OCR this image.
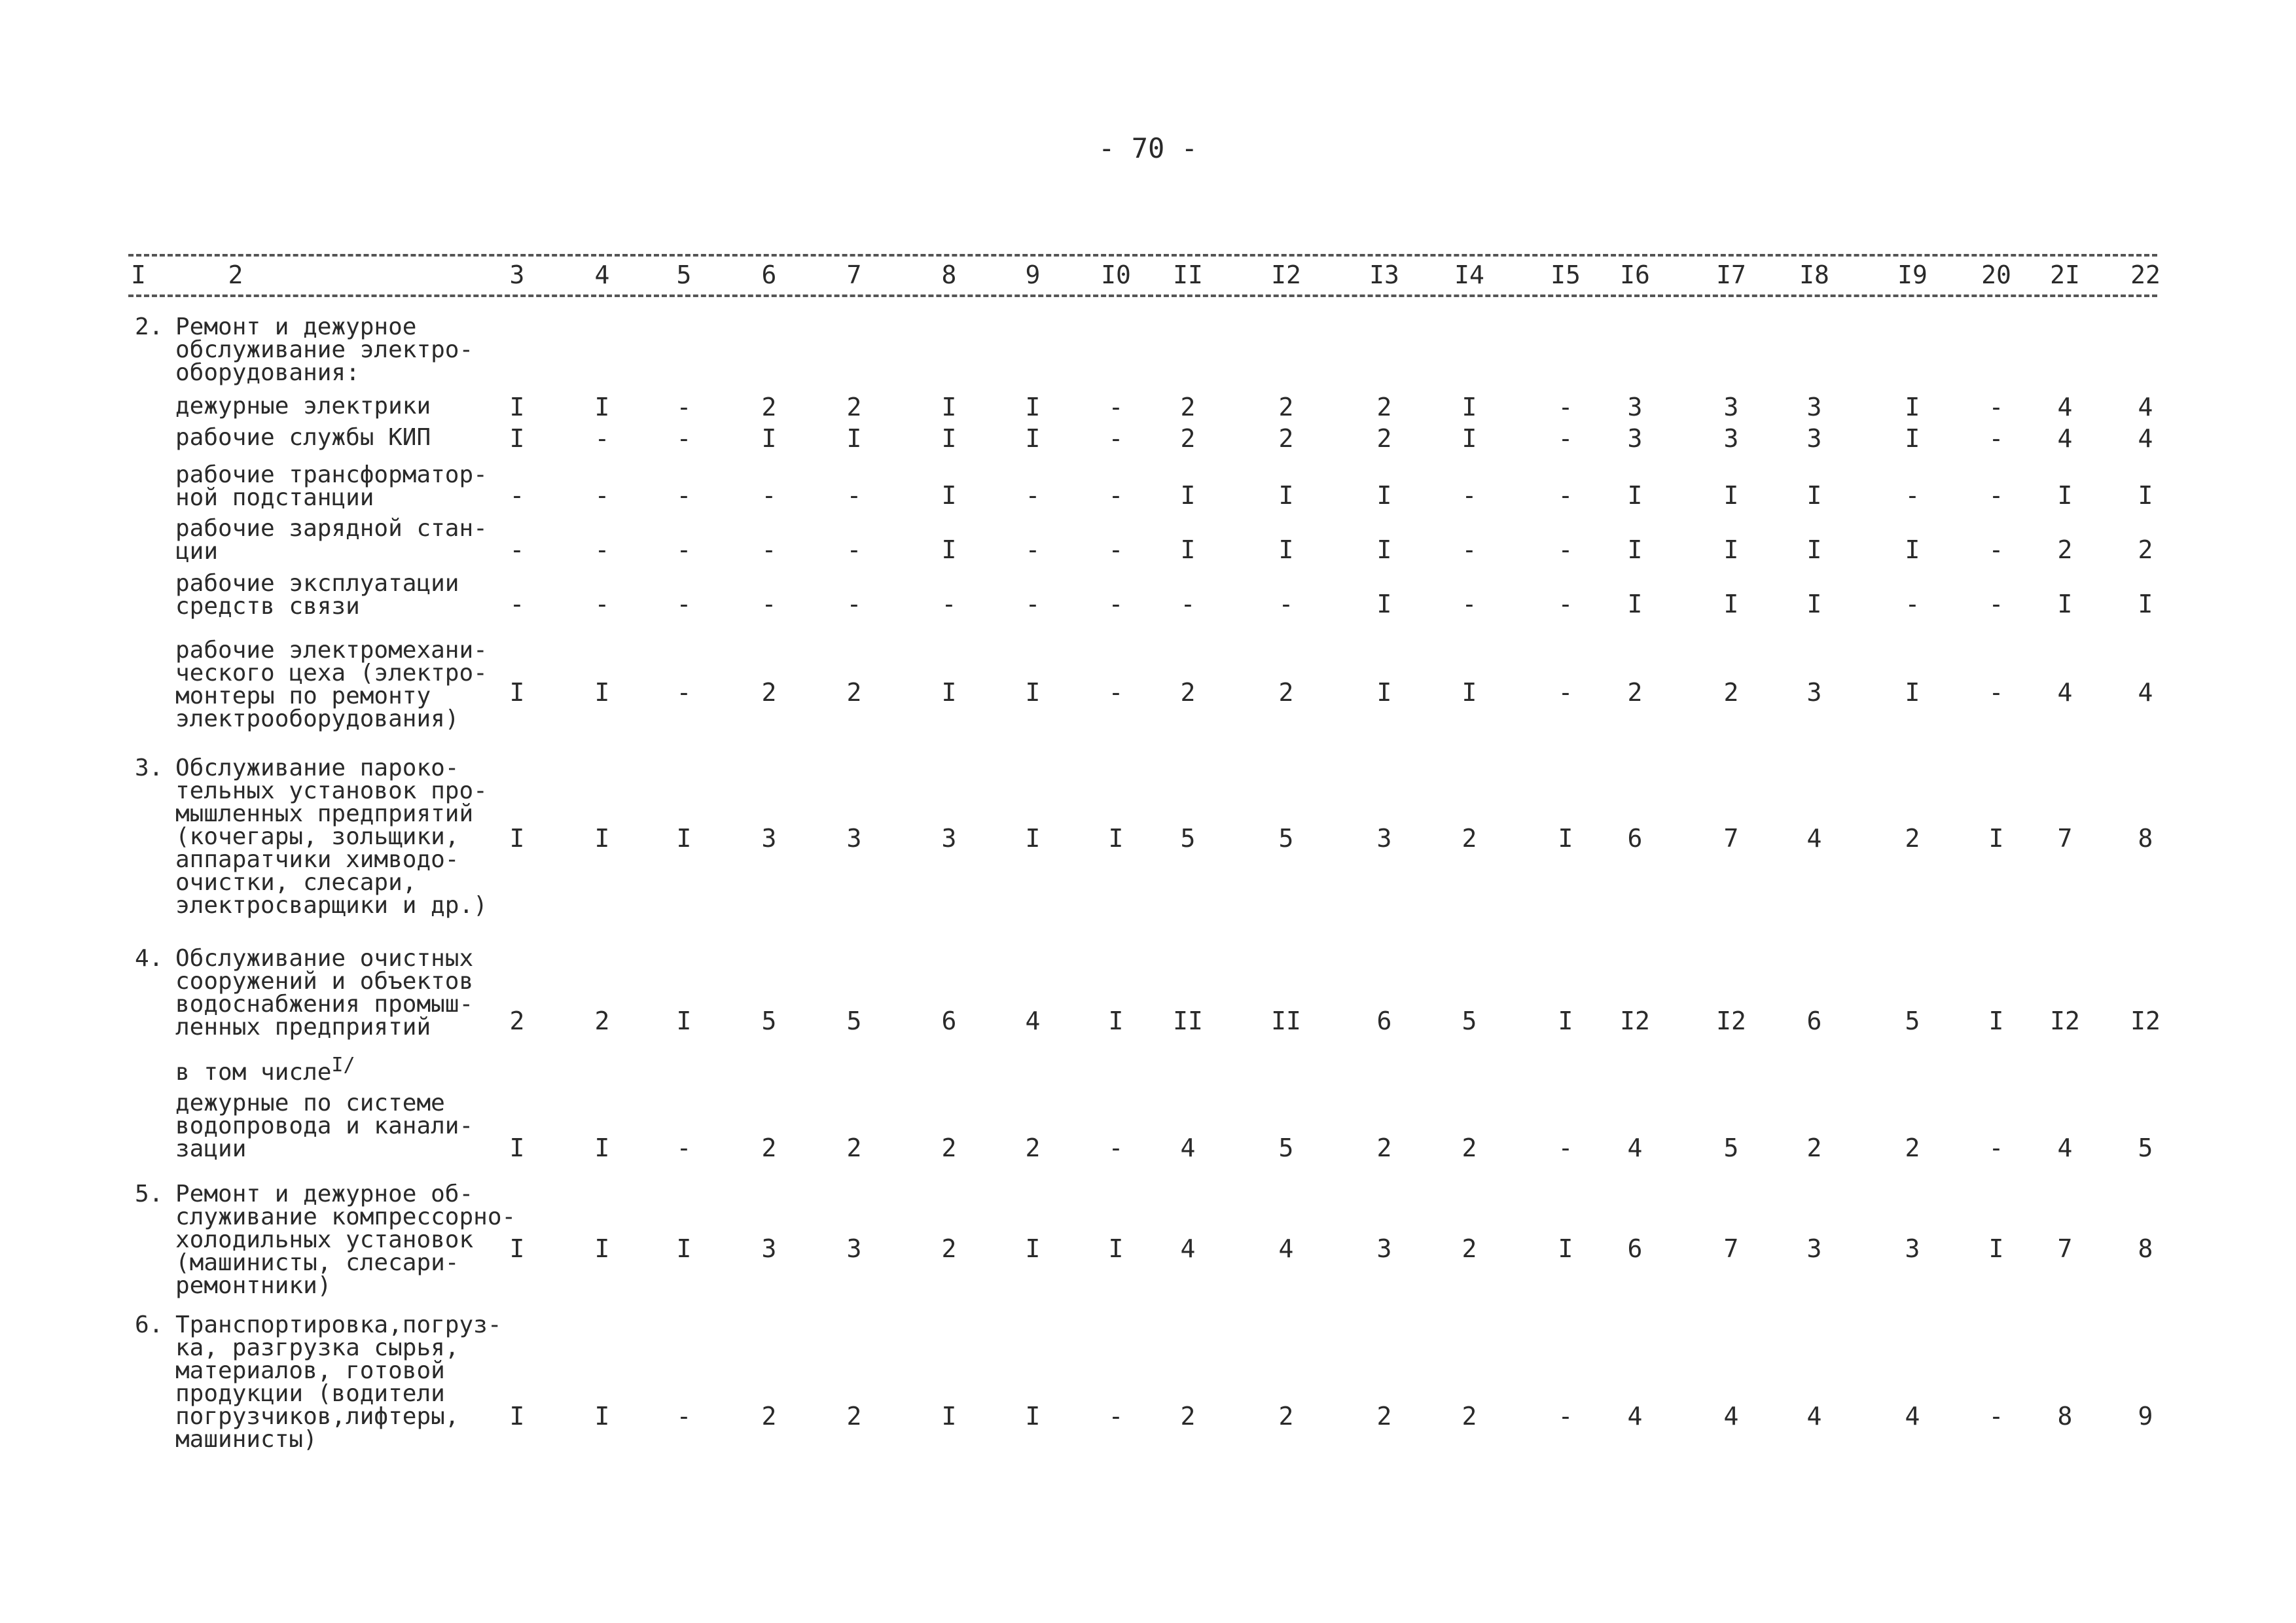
- 70 -
I	2	3	4	5	6	7	8	9 I0 II	I2	I3 I4	I5 I6	I7 I8	I9 20 2I 22
2. Ремонт и дежурное
обслуживание электро-
оборудования:
дежурные электрики	I	I	-	2	2	I	I	- 2	2	2	I	- 3	3	3	I	- 4	4
рабочие службы КИП	I	-	-	I	I	I	I	- 2	2	2	I	- 3	3	3	I	- 4	4
рабочие трансформатор-
ной подстанции	-	-	-	-	-	I	-	- I	I	I	-	- I	I	I	-	- I	I
рабочие зарядной стан-
ции	-	-	-	-	-	I	-	- I	I	I	-	- I	I	I	I	- 2	2
рабочие эксплуатации
средств связи	-	-	-	-	-	-	-	- -	-	I	-	- I	I	I	-	- I	I
рабочие электромехани-
ческого цеха (электро-
монтеры по ремонту
электрооборудования)
I	I	-	2	2	I	I	- 2	2	I	I	- 2	2	3	I	- 4	4
3. Обслуживание пароко-
тельных установок про-
мышленных предприятий
(кочегары, зольщики,
аппаратчики химводо-
очистки, слесари,
электросварщики и др.)
I	I	I	3	3	3	I	I 5	5	3	2	I 6	7	4	2	I 7	8
4. Обслуживание очистных
сооружений и объектов
водоснабжения промыш-
ленных предприятий	2	2	I	5	5	6	4	I II	II	6	5	I I2	I2 6	5	I I2 I2
в том числе$^{I/}$
дежурные по системе
водопровода и канали-
зации	I	I	-	2	2	2	2	- 4	5	2	2	- 4	5	2	2	- 4	5
5. Ремонт и дежурное об-
служивание компрессорно-
холодильных установок
(машинисты, слесари-
ремонтники)
I	I	I	3	3	2	I	I 4	4	3	2	I 6	7	3	3	I 7	8
6. Транспортировка,погруз-
ка, разгрузка сырья,
материалов, готовой
продукции (водители
погрузчиков,лифтеры,
машинисты)
I	I	-	2	2	I	I	- 2	2	2	2	- 4	4	4	4	- 8	9
